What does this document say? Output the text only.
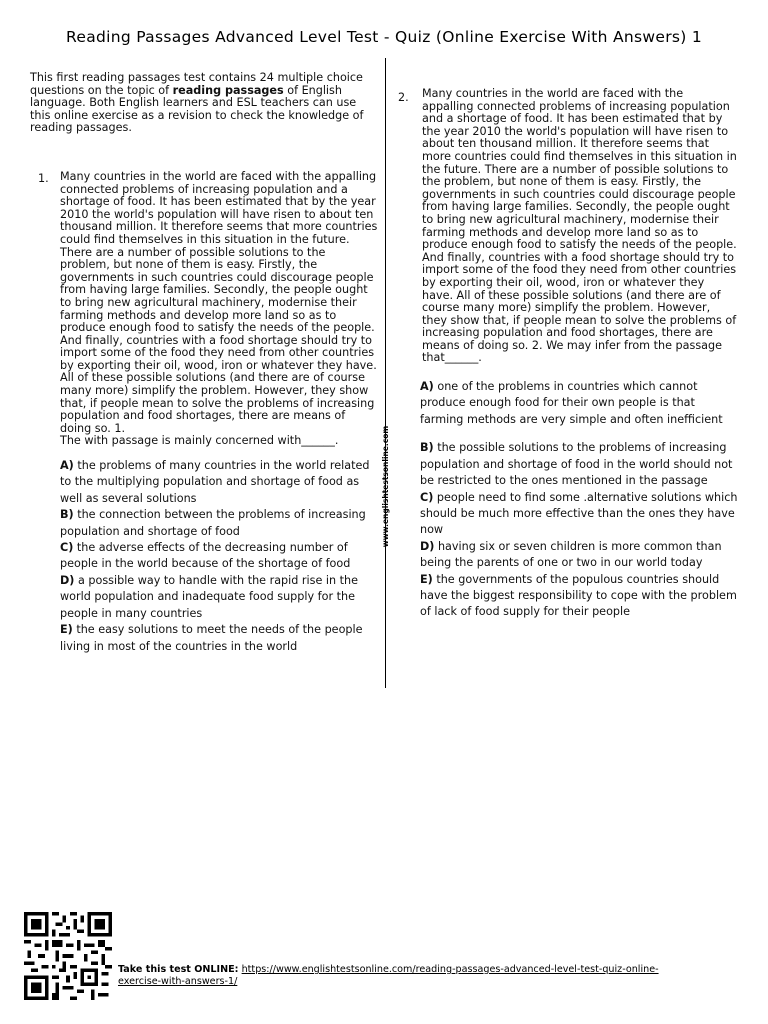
Reading Passages Advanced Level Test - Quiz (Online Exercise With Answers) 1
www.englishtestsonline.com

This first reading passages test contains 24 multiple choice questions on the topic of reading passages of English language. Both English learners and ESL teachers can use this online exercise as a revision to check the knowledge of reading passages.

1.	Many countries in the world are faced with the appalling connected problems of increasing population and a shortage of food. It has been estimated that by the year 2010 the world's population will have risen to about ten thousand million. It therefore seems that more countries could find themselves in this situation in the future. There are a number of possible solutions to the problem, but none of them is easy. Firstly, the governments in such countries could discourage people from having large families. Secondly, the people ought to bring new agricultural machinery, modernise their farming methods and develop more land so as to produce enough food to satisfy the needs of the people. And finally, countries with a food shortage should try to import some of the food they need from other countries by exporting their oil, wood, iron or whatever they have. All of these possible solutions (and there are of course many more) simplify the problem. However, they show that, if people mean to solve the problems of increasing population and food shortages, there are means of doing so. 1.
The with passage is mainly concerned with______.

A) the problems of many countries in the world related to the multiplying population and shortage of food as well as several solutions

B) the connection between the problems of increasing population and shortage of food

C) the adverse effects of the decreasing number of people in the world because of the shortage of food

D) a possible way to handle with the rapid rise in the world population and inadequate food supply for the people in many countries

E) the easy solutions to meet the needs of the people living in most of the countries in the world

2.	Many countries in the world are faced with the appalling connected problems of increasing population and a shortage of food. It has been estimated that by the year 2010 the world's population will have risen to about ten thousand million. It therefore seems that more countries could find themselves in this situation in the future. There are a number of possible solutions to the problem, but none of them is easy. Firstly, the governments in such countries could discourage people from having large families. Secondly, the people ought to bring new agricultural machinery, modernise their farming methods and develop more land so as to produce enough food to satisfy the needs of the people. And finally, countries with a food shortage should try to import some of the food they need from other countries by exporting their oil, wood, iron or whatever they have. All of these possible solutions (and there are of course many more) simplify the problem. However, they show that, if people mean to solve the problems of increasing population and food shortages, there are means of doing so. 2. We may infer from the passage that______.

A) one of the problems in countries which cannot produce enough food for their own people is that farming methods are very simple and often inefficient

B) the possible solutions to the problems of increasing population and shortage of food in the world should not be restricted to the ones mentioned in the passage

C) people need to find some .alternative solutions which should be much more effective than the ones they have now

D) having six or seven children is more common than being the parents of one or two in our world today

E) the governments of the populous countries should have the biggest responsibility to cope with the problem of lack of food supply for their people

Take this test ONLINE: https://www.englishtestsonline.com/reading-passages-advanced-level-test-quiz-online-exercise-with-answers-1/
